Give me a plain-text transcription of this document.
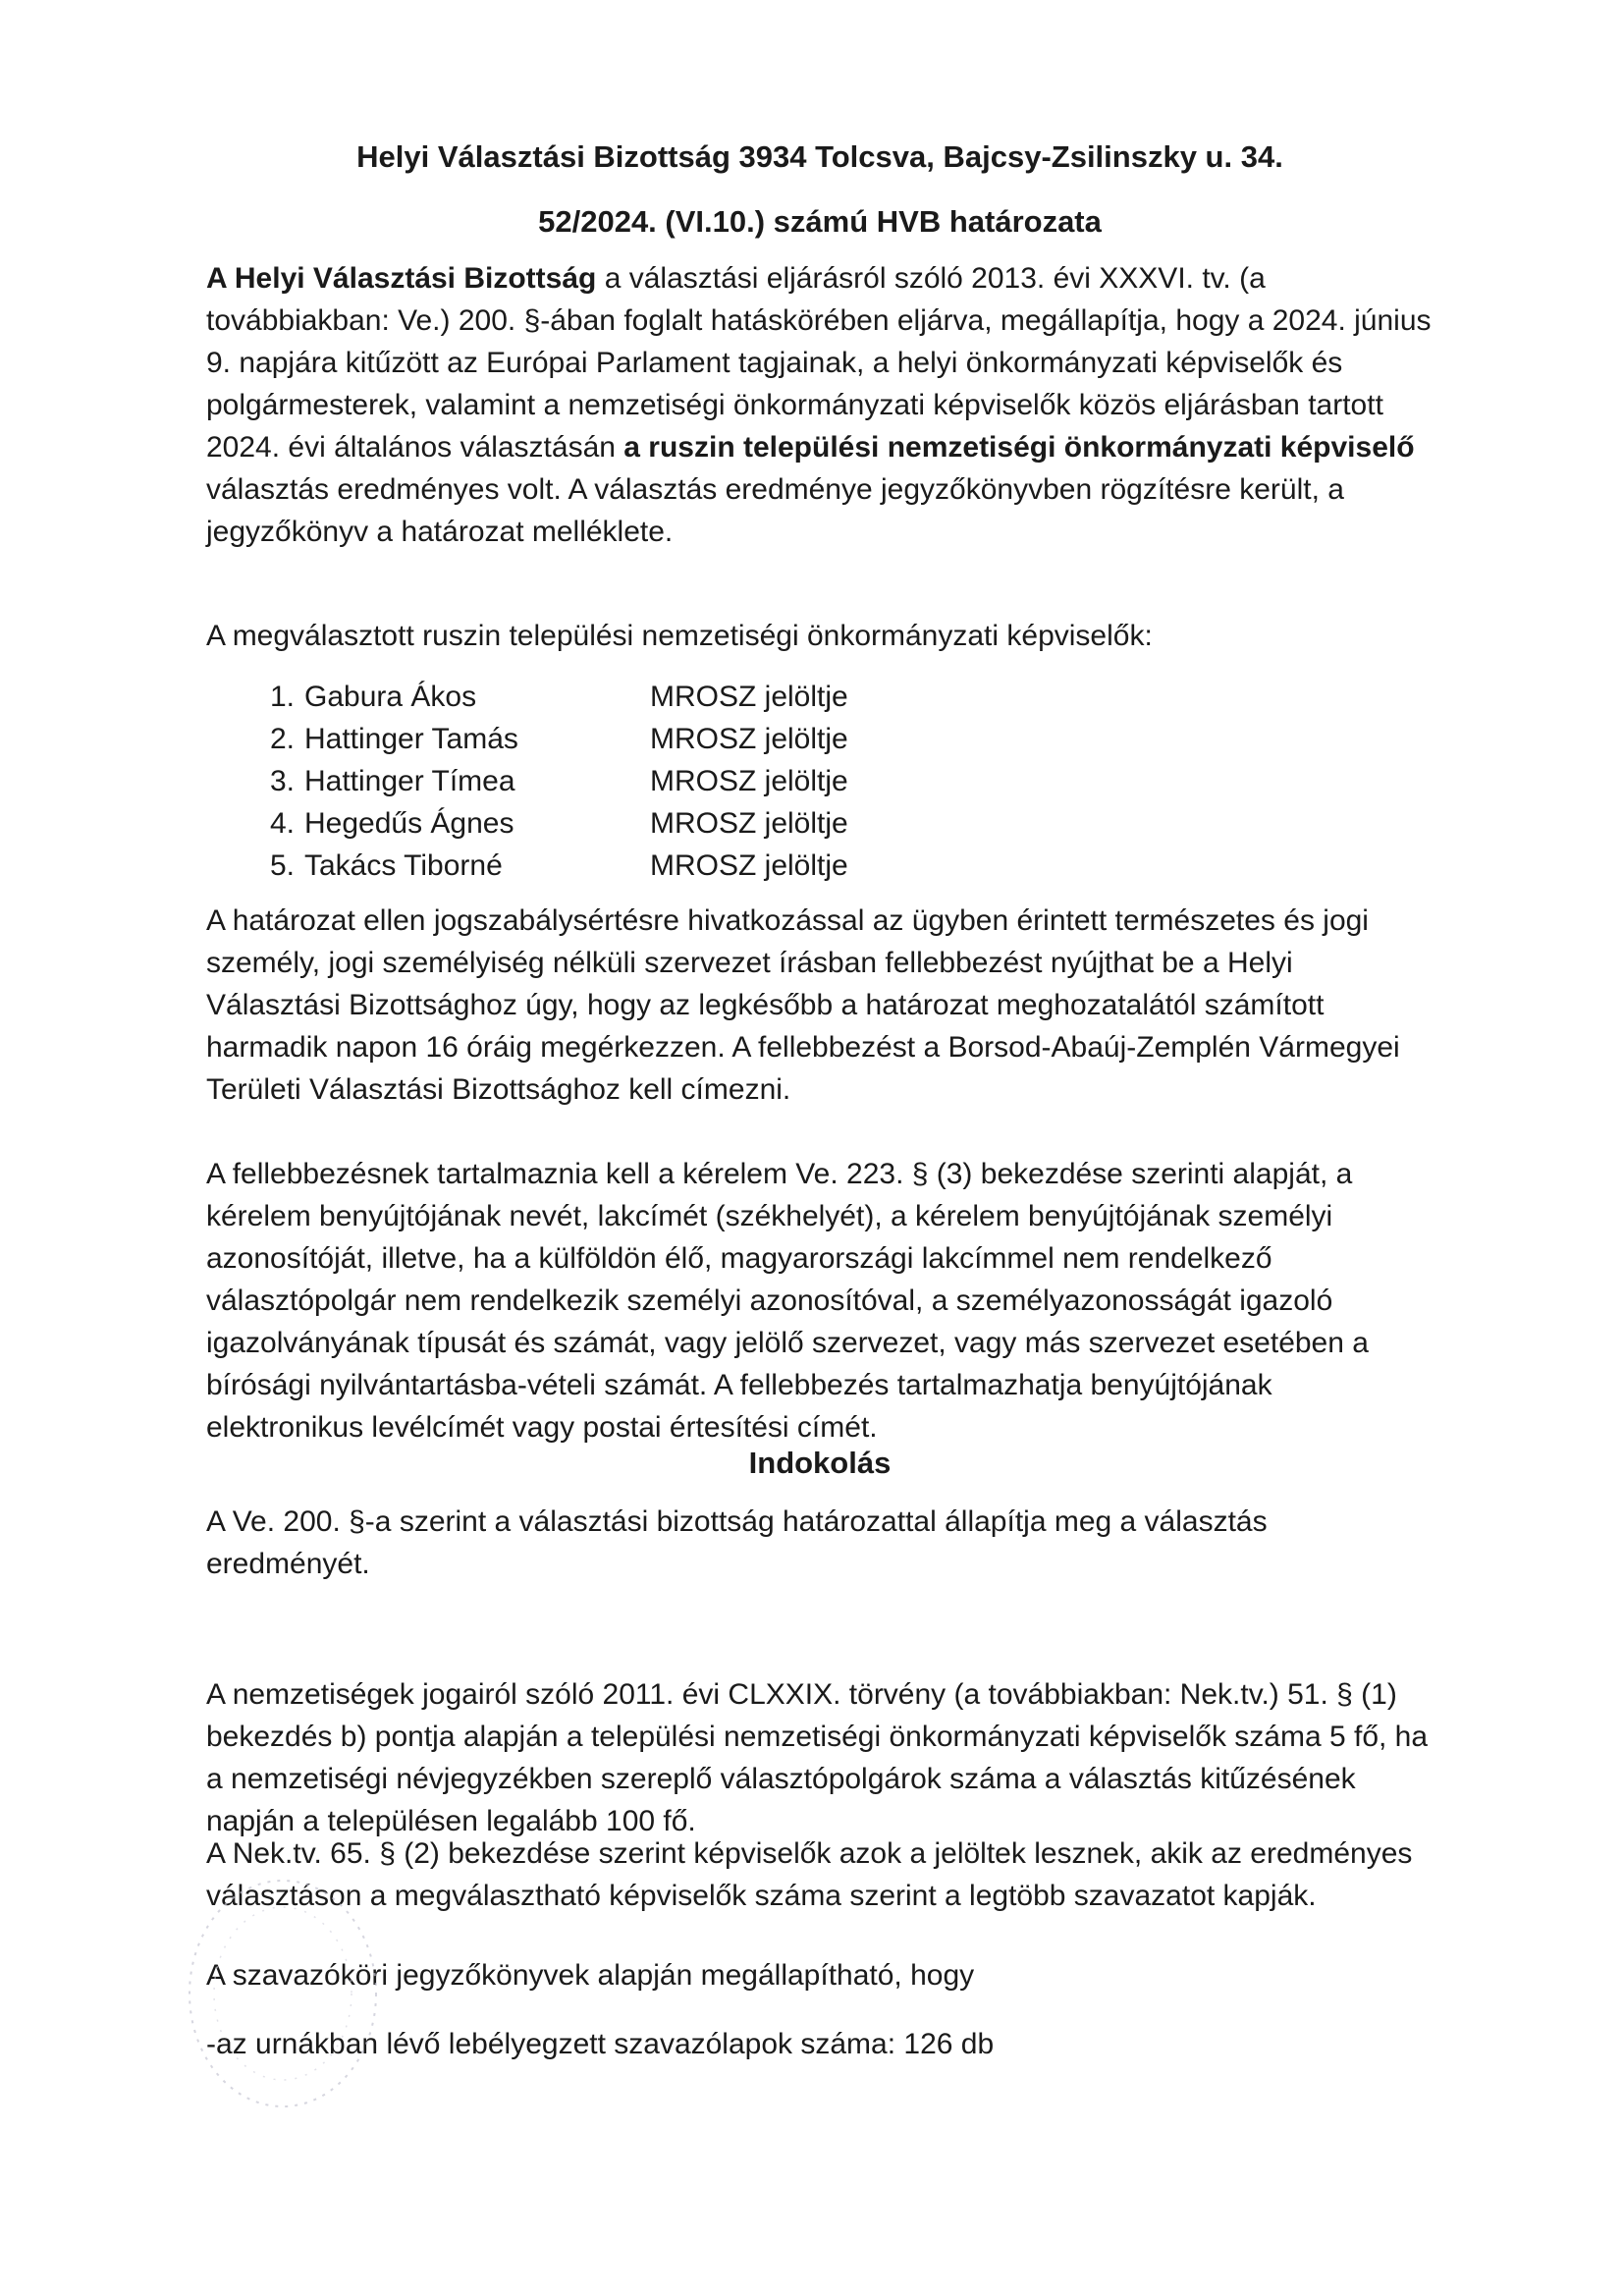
Helyi Választási Bizottság 3934 Tolcsva, Bajcsy-Zsilinszky u. 34.
52/2024. (VI.10.) számú HVB határozata

A Helyi Választási Bizottság a választási eljárásról szóló 2013. évi XXXVI. tv. (a továbbiakban: Ve.) 200. §-ában foglalt hatáskörében eljárva, megállapítja, hogy a 2024. június 9. napjára kitűzött az Európai Parlament tagjainak, a helyi önkormányzati képviselők és polgármesterek, valamint a nemzetiségi önkormányzati képviselők közös eljárásban tartott 2024. évi általános választásán a ruszin települési nemzetiségi önkormányzati képviselő választás eredményes volt. A választás eredménye jegyzőkönyvben rögzítésre került, a jegyzőkönyv a határozat melléklete.

A megválasztott ruszin települési nemzetiségi önkormányzati képviselők:

1. Gabura Ákos	MROSZ jelöltje
2. Hattinger Tamás	MROSZ jelöltje
3. Hattinger Tímea	MROSZ jelöltje
4. Hegedűs Ágnes	MROSZ jelöltje
5. Takács Tiborné	MROSZ jelöltje

A határozat ellen jogszabálysértésre hivatkozással az ügyben érintett természetes és jogi személy, jogi személyiség nélküli szervezet írásban fellebbezést nyújthat be a Helyi Választási Bizottsághoz úgy, hogy az legkésőbb a határozat meghozatalától számított harmadik napon 16 óráig megérkezzen. A fellebbezést a Borsod-Abaúj-Zemplén Vármegyei Területi Választási Bizottsághoz kell címezni.

A fellebbezésnek tartalmaznia kell a kérelem Ve. 223. § (3) bekezdése szerinti alapját, a kérelem benyújtójának nevét, lakcímét (székhelyét), a kérelem benyújtójának személyi azonosítóját, illetve, ha a külföldön élő, magyarországi lakcímmel nem rendelkező választópolgár nem rendelkezik személyi azonosítóval, a személyazonosságát igazoló igazolványának típusát és számát, vagy jelölő szervezet, vagy más szervezet esetében a bírósági nyilvántartásba-vételi számát. A fellebbezés tartalmazhatja benyújtójának elektronikus levélcímét vagy postai értesítési címét.

Indokolás

A Ve. 200. §-a szerint a választási bizottság határozattal állapítja meg a választás eredményét.

A nemzetiségek jogairól szóló 2011. évi CLXXIX. törvény (a továbbiakban: Nek.tv.) 51. § (1) bekezdés b) pontja alapján a települési nemzetiségi önkormányzati képviselők száma 5 fő, ha a nemzetiségi névjegyzékben szereplő választópolgárok száma a választás kitűzésének napján a településen legalább 100 fő.

A Nek.tv. 65. § (2) bekezdése szerint képviselők azok a jelöltek lesznek, akik az eredményes választáson a megválasztható képviselők száma szerint a legtöbb szavazatot kapják.

A szavazóköri jegyzőkönyvek alapján megállapítható, hogy

-az urnákban lévő lebélyegzett szavazólapok száma: 126 db
